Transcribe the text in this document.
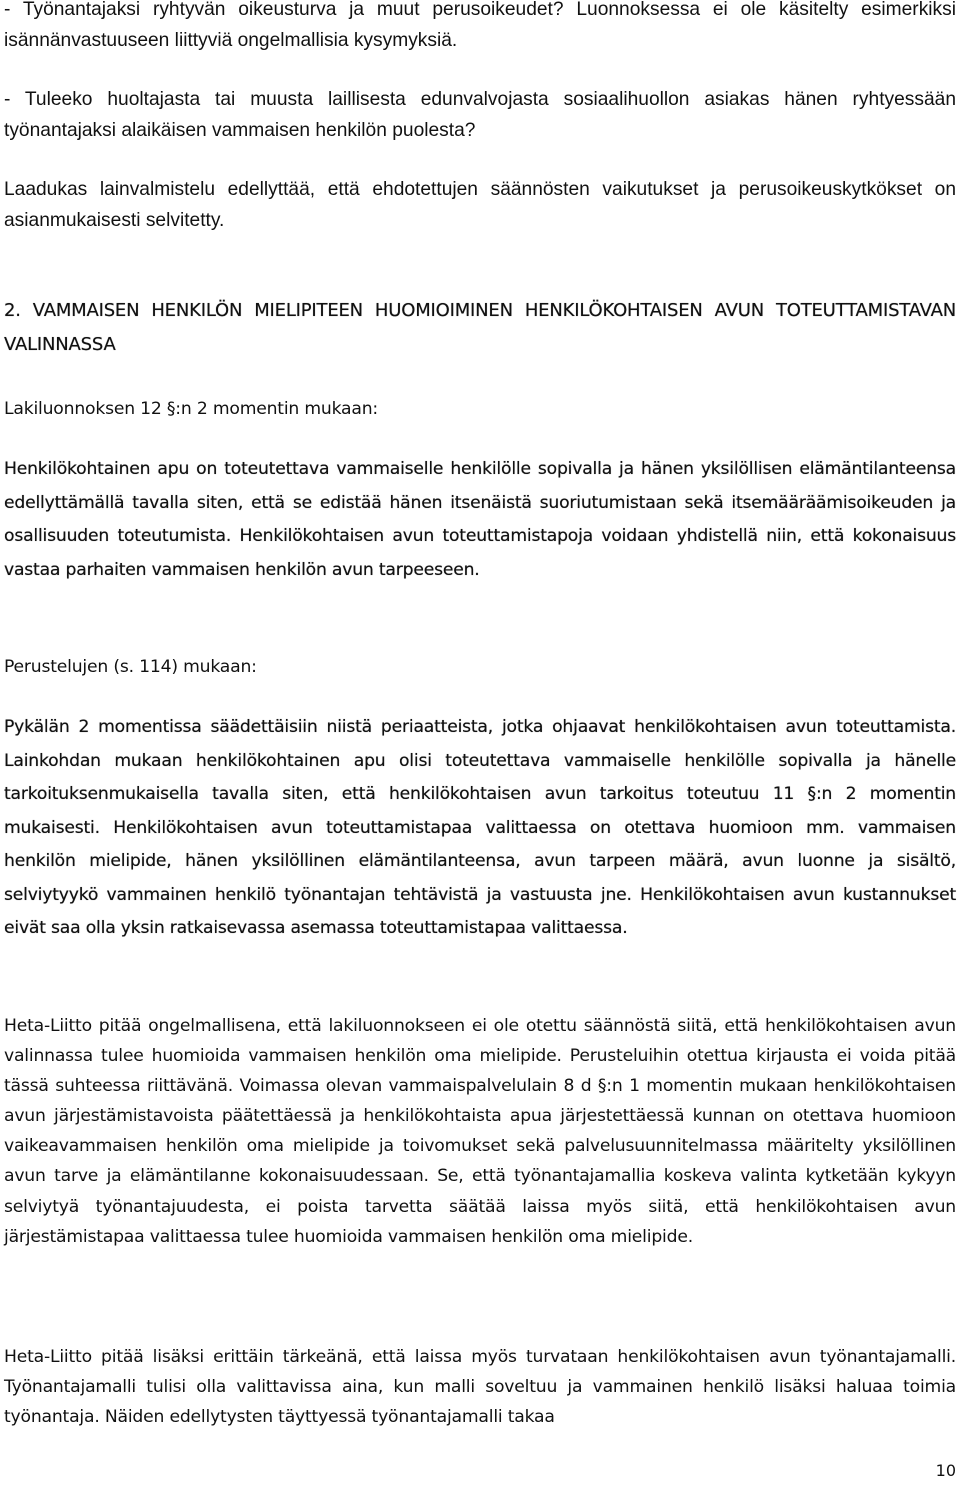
- Työnantajaksi ryhtyvän oikeusturva ja muut perusoikeudet? Luonnoksessa ei ole käsitelty esimerkiksi isännänvastuuseen liittyviä ongelmallisia kysymyksiä.

- Tuleeko huoltajasta tai muusta laillisesta edunvalvojasta sosiaalihuollon asiakas hänen ryhtyessään työnantajaksi alaikäisen vammaisen henkilön puolesta?

Laadukas lainvalmistelu edellyttää, että ehdotettujen säännösten vaikutukset ja perusoikeuskytkökset on asianmukaisesti selvitetty.

2. VAMMAISEN HENKILÖN MIELIPITEEN HUOMIOIMINEN HENKILÖKOHTAISEN AVUN TOTEUTTAMISTAVAN VALINNASSA

Lakiluonnoksen 12 §:n 2 momentin mukaan:

Henkilökohtainen apu on toteutettava vammaiselle henkilölle sopivalla ja hänen yksilöllisen elämäntilanteensa edellyttämällä tavalla siten, että se edistää hänen itsenäistä suoriutumistaan sekä itsemääräämisoikeuden ja osallisuuden toteutumista. Henkilökohtaisen avun toteuttamistapoja voidaan yhdistellä niin, että kokonaisuus vastaa parhaiten vammaisen henkilön avun tarpeeseen.

Perustelujen (s. 114) mukaan:

Pykälän 2 momentissa säädettäisiin niistä periaatteista, jotka ohjaavat henkilökohtaisen avun toteuttamista. Lainkohdan mukaan henkilökohtainen apu olisi toteutettava vammaiselle henkilölle sopivalla ja hänelle tarkoituksenmukaisella tavalla siten, että henkilökohtaisen avun tarkoitus toteutuu 11 §:n 2 momentin mukaisesti. Henkilökohtaisen avun toteuttamistapaa valittaessa on otettava huomioon mm. vammaisen henkilön mielipide, hänen yksilöllinen elämäntilanteensa, avun tarpeen määrä, avun luonne ja sisältö, selviytyykö vammainen henkilö työnantajan tehtävistä ja vastuusta jne. Henkilökohtaisen avun kustannukset eivät saa olla yksin ratkaisevassa asemassa toteuttamistapaa valittaessa.

Heta-Liitto pitää ongelmallisena, että lakiluonnokseen ei ole otettu säännöstä siitä, että henkilökohtaisen avun valinnassa tulee huomioida vammaisen henkilön oma mielipide. Perusteluihin otettua kirjausta ei voida pitää tässä suhteessa riittävänä. Voimassa olevan vammaispalvelulain 8 d §:n 1 momentin mukaan henkilökohtaisen avun järjestämistavoista päätettäessä ja henkilökohtaista apua järjestettäessä kunnan on otettava huomioon vaikeavammaisen henkilön oma mielipide ja toivomukset sekä palvelusuunnitelmassa määritelty yksilöllinen avun tarve ja elämäntilanne kokonaisuudessaan. Se, että työnantajamallia koskeva valinta kytketään kykyyn selviytyä työnantajuudesta, ei poista tarvetta säätää laissa myös siitä, että henkilökohtaisen avun järjestämistapaa valittaessa tulee huomioida vammaisen henkilön oma mielipide.

Heta-Liitto pitää lisäksi erittäin tärkeänä, että laissa myös turvataan henkilökohtaisen avun työnantajamalli. Työnantajamalli tulisi olla valittavissa aina, kun malli soveltuu ja vammainen henkilö lisäksi haluaa toimia työnantaja. Näiden edellytysten täyttyessä työnantajamalli takaa

10
